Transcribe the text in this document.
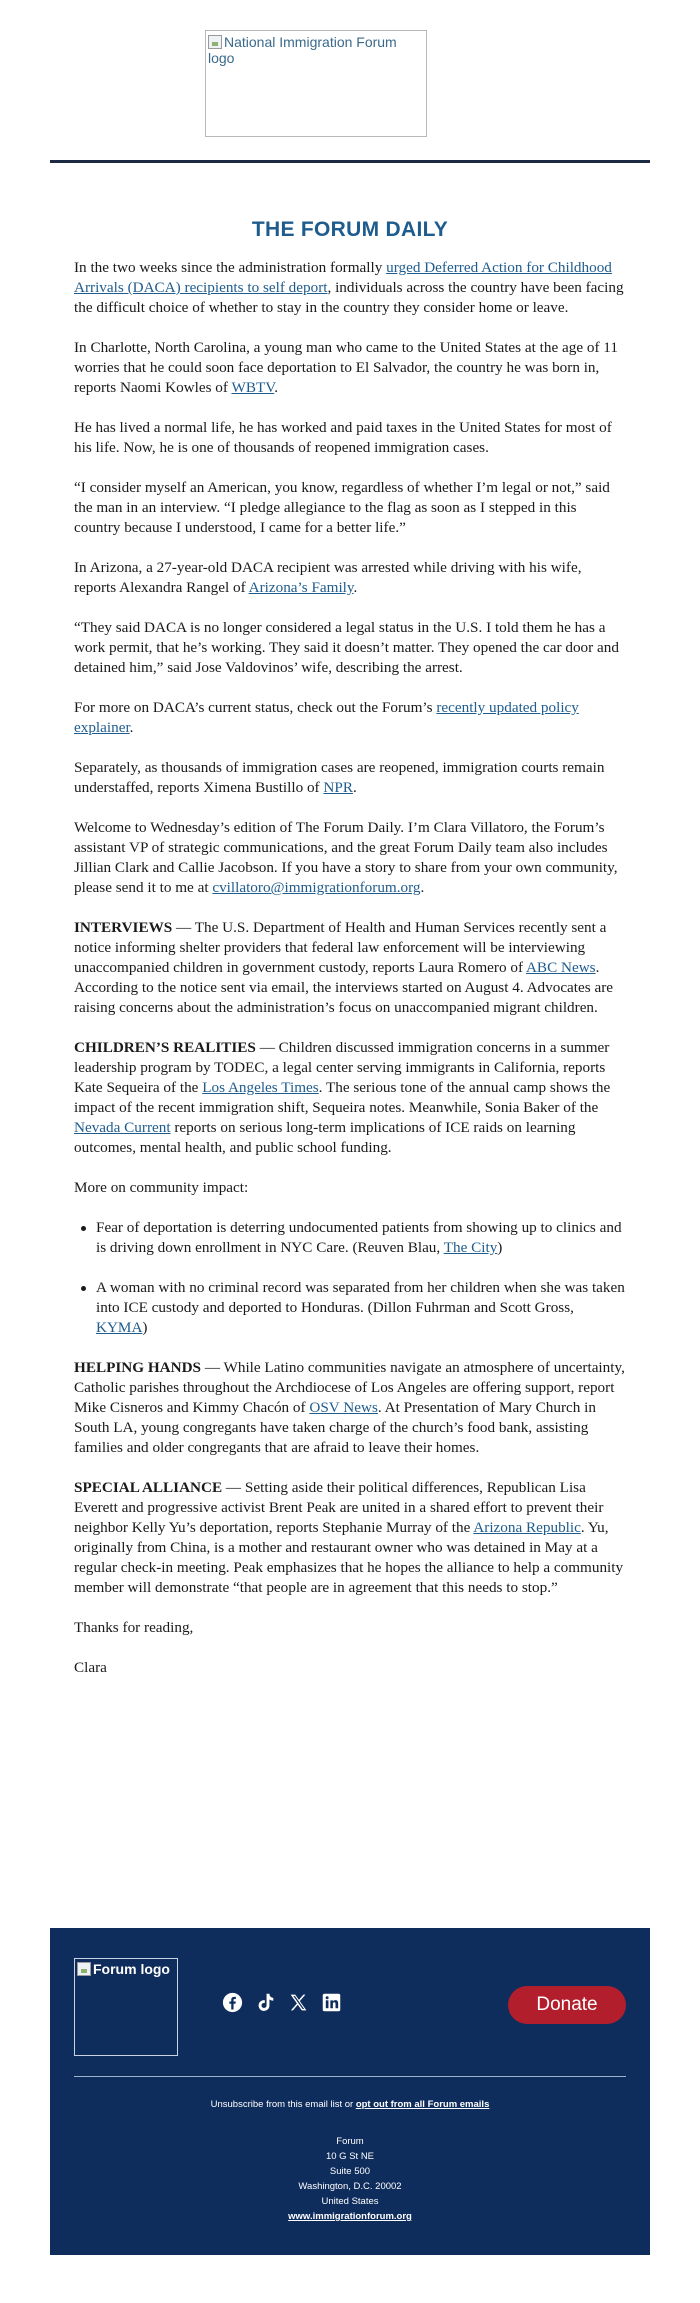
National Immigration Forum logo
THE FORUM DAILY

In the two weeks since the administration formally urged Deferred Action for Childhood Arrivals (DACA) recipients to self deport, individuals across the country have been facing the difficult choice of whether to stay in the country they consider home or leave.

In Charlotte, North Carolina, a young man who came to the United States at the age of 11 worries that he could soon face deportation to El Salvador, the country he was born in, reports Naomi Kowles of WBTV.

He has lived a normal life, he has worked and paid taxes in the United States for most of his life. Now, he is one of thousands of reopened immigration cases.

“I consider myself an American, you know, regardless of whether I’m legal or not,” said the man in an interview. “I pledge allegiance to the flag as soon as I stepped in this country because I understood, I came for a better life.”

In Arizona, a 27-year-old DACA recipient was arrested while driving with his wife, reports Alexandra Rangel of Arizona’s Family.

“They said DACA is no longer considered a legal status in the U.S. I told them he has a work permit, that he’s working. They said it doesn’t matter. They opened the car door and detained him,” said Jose Valdovinos’ wife, describing the arrest.

For more on DACA’s current status, check out the Forum’s recently updated policy explainer.

Separately, as thousands of immigration cases are reopened, immigration courts remain understaffed, reports Ximena Bustillo of NPR.

Welcome to Wednesday’s edition of The Forum Daily. I’m Clara Villatoro, the Forum’s assistant VP of strategic communications, and the great Forum Daily team also includes Jillian Clark and Callie Jacobson. If you have a story to share from your own community, please send it to me at cvillatoro@immigrationforum.org.

INTERVIEWS — The U.S. Department of Health and Human Services recently sent a notice informing shelter providers that federal law enforcement will be interviewing unaccompanied children in government custody, reports Laura Romero of ABC News. According to the notice sent via email, the interviews started on August 4. Advocates are raising concerns about the administration’s focus on unaccompanied migrant children.

CHILDREN’S REALITIES — Children discussed immigration concerns in a summer leadership program by TODEC, a legal center serving immigrants in California, reports Kate Sequeira of the Los Angeles Times. The serious tone of the annual camp shows the impact of the recent immigration shift, Sequeira notes. Meanwhile, Sonia Baker of the Nevada Current reports on serious long-term implications of ICE raids on learning outcomes, mental health, and public school funding.

More on community impact:

Fear of deportation is deterring undocumented patients from showing up to clinics and is driving down enrollment in NYC Care. (Reuven Blau, The City)
A woman with no criminal record was separated from her children when she was taken into ICE custody and deported to Honduras. (Dillon Fuhrman and Scott Gross, KYMA)

HELPING HANDS — While Latino communities navigate an atmosphere of uncertainty, Catholic parishes throughout the Archdiocese of Los Angeles are offering support, report Mike Cisneros and Kimmy Chacón of OSV News. At Presentation of Mary Church in South LA, young congregants have taken charge of the church’s food bank, assisting families and older congregants that are afraid to leave their homes.

SPECIAL ALLIANCE — Setting aside their political differences, Republican Lisa Everett and progressive activist Brent Peak are united in a shared effort to prevent their neighbor Kelly Yu’s deportation, reports Stephanie Murray of the Arizona Republic. Yu, originally from China, is a mother and restaurant owner who was detained in May at a regular check-in meeting. Peak emphasizes that he hopes the alliance to help a community member will demonstrate “that people are in agreement that this needs to stop.”

Thanks for reading,

Clara

Forum logo
Donate
Unsubscribe from this email list or opt out from all Forum emails
Forum
10 G St NE
Suite 500
Washington, D.C. 20002
United States
www.immigrationforum.org
